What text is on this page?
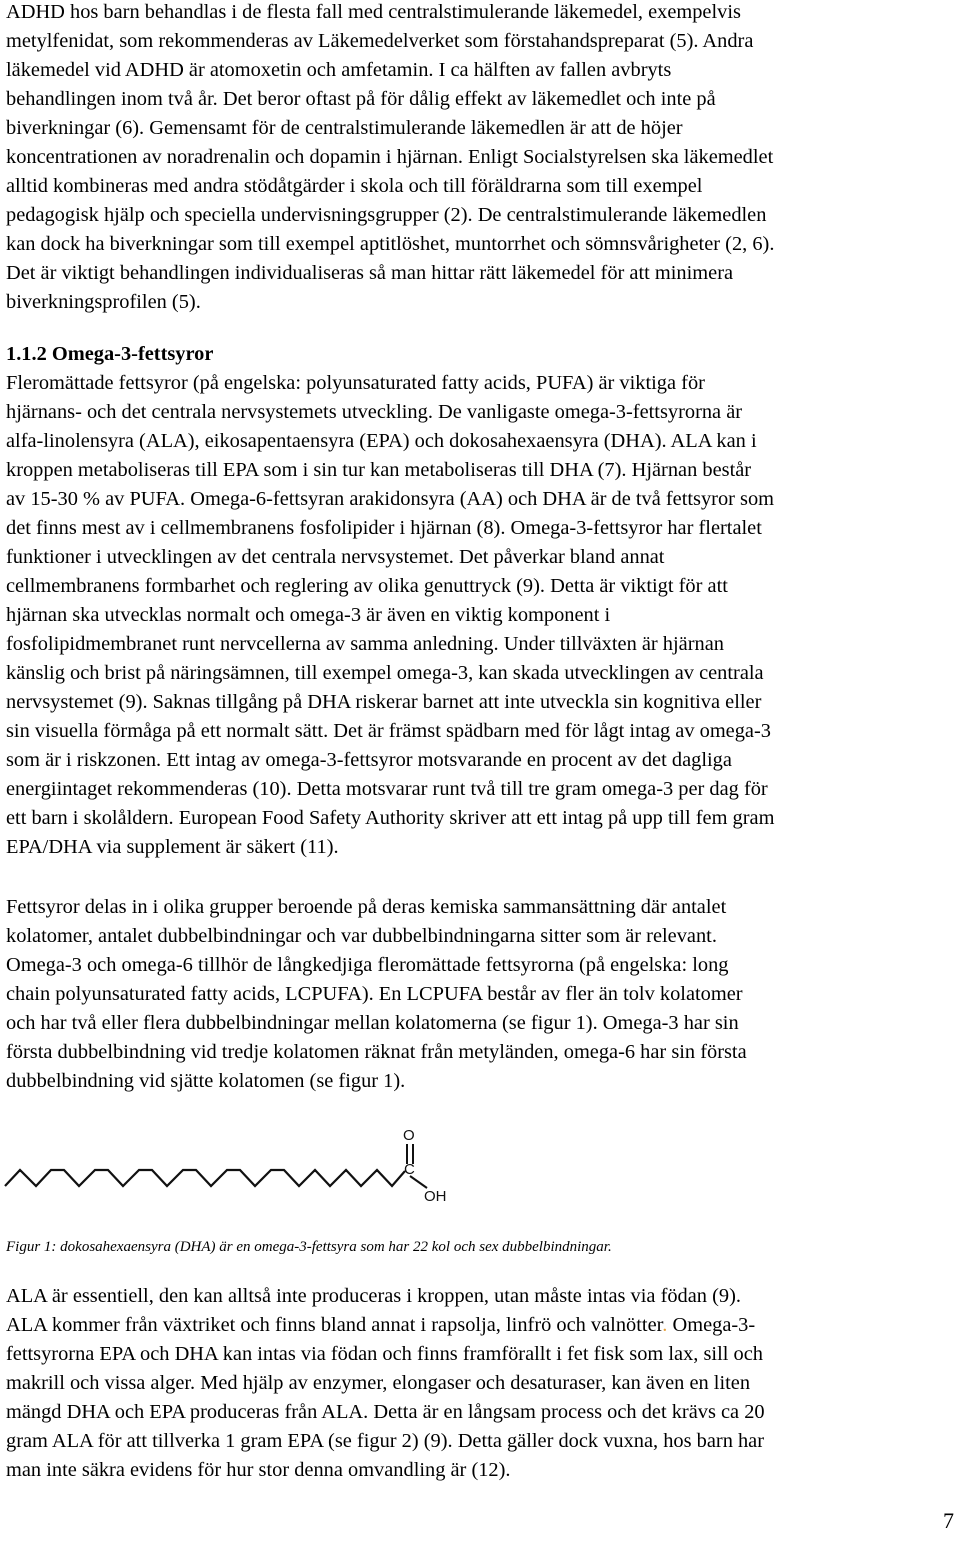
ADHD hos barn behandlas i de flesta fall med centralstimulerande läkemedel, exempelvis
metylfenidat, som rekommenderas av Läkemedelverket som förstahandspreparat (5). Andra
läkemedel vid ADHD är atomoxetin och amfetamin. I ca hälften av fallen avbryts
behandlingen inom två år. Det beror oftast på för dålig effekt av läkemedlet och inte på
biverkningar (6). Gemensamt för de centralstimulerande läkemedlen är att de höjer
koncentrationen av noradrenalin och dopamin i hjärnan. Enligt Socialstyrelsen ska läkemedlet
alltid kombineras med andra stödåtgärder i skola och till föräldrarna som till exempel
pedagogisk hjälp och speciella undervisningsgrupper (2). De centralstimulerande läkemedlen
kan dock ha biverkningar som till exempel aptitlöshet, muntorrhet och sömnsvårigheter (2, 6).
Det är viktigt behandlingen individualiseras så man hittar rätt läkemedel för att minimera
biverkningsprofilen (5).

1.1.2 Omega-3-fettsyror

Fleromättade fettsyror (på engelska: polyunsaturated fatty acids, PUFA) är viktiga för
hjärnans- och det centrala nervsystemets utveckling. De vanligaste omega-3-fettsyrorna är
alfa-linolensyra (ALA), eikosapentaensyra (EPA) och dokosahexaensyra (DHA). ALA kan i
kroppen metaboliseras till EPA som i sin tur kan metaboliseras till DHA (7). Hjärnan består
av 15-30 % av PUFA. Omega-6-fettsyran arakidonsyra (AA) och DHA är de två fettsyror som
det finns mest av i cellmembranens fosfolipider i hjärnan (8). Omega-3-fettsyror har flertalet
funktioner i utvecklingen av det centrala nervsystemet. Det påverkar bland annat
cellmembranens formbarhet och reglering av olika genuttryck (9). Detta är viktigt för att
hjärnan ska utvecklas normalt och omega-3 är även en viktig komponent i
fosfolipidmembranet runt nervcellerna av samma anledning. Under tillväxten är hjärnan
känslig och brist på näringsämnen, till exempel omega-3, kan skada utvecklingen av centrala
nervsystemet (9). Saknas tillgång på DHA riskerar barnet att inte utveckla sin kognitiva eller
sin visuella förmåga på ett normalt sätt. Det är främst spädbarn med för lågt intag av omega-3
som är i riskzonen. Ett intag av omega-3-fettsyror motsvarande en procent av det dagliga
energiintaget rekommenderas (10). Detta motsvarar runt två till tre gram omega-3 per dag för
ett barn i skolåldern. European Food Safety Authority skriver att ett intag på upp till fem gram
EPA/DHA via supplement är säkert (11).

Fettsyror delas in i olika grupper beroende på deras kemiska sammansättning där antalet
kolatomer, antalet dubbelbindningar och var dubbelbindningarna sitter som är relevant.
Omega-3 och omega-6 tillhör de långkedjiga fleromättade fettsyrorna (på engelska: long
chain polyunsaturated fatty acids, LCPUFA). En LCPUFA består av fler än tolv kolatomer
och har två eller flera dubbelbindningar mellan kolatomerna (se figur 1). Omega-3 har sin
första dubbelbindning vid tredje kolatomen räknat från metyländen, omega-6 har sin första
dubbelbindning vid sjätte kolatomen (se figur 1).

O
C
OH
Figur 1: dokosahexaensyra (DHA) är en omega-3-fettsyra som har 22 kol och sex dubbelbindningar.

ALA är essentiell, den kan alltså inte produceras i kroppen, utan måste intas via födan (9).
ALA kommer från växtriket och finns bland annat i rapsolja, linfrö och valnötter. Omega-3-
fettsyrorna EPA och DHA kan intas via födan och finns framförallt i fet fisk som lax, sill och
makrill och vissa alger. Med hjälp av enzymer, elongaser och desaturaser, kan även en liten
mängd DHA och EPA produceras från ALA. Detta är en långsam process och det krävs ca 20
gram ALA för att tillverka 1 gram EPA (se figur 2) (9). Detta gäller dock vuxna, hos barn har
man inte säkra evidens för hur stor denna omvandling är (12).

7
